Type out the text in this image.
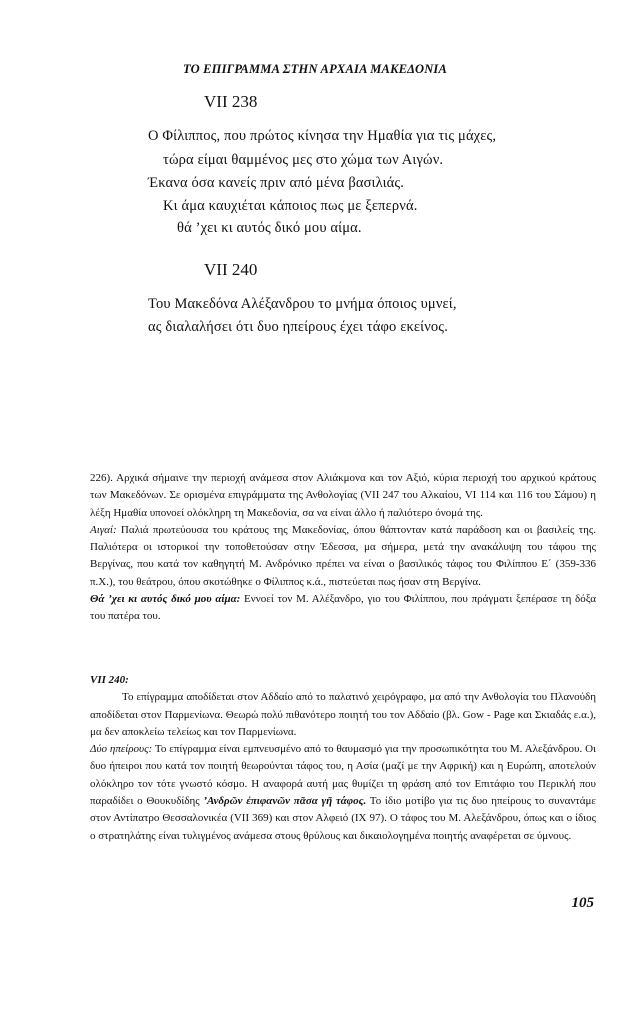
ΤΟ ΕΠΙΓΡΑΜΜΑ ΣΤΗΝ ΑΡΧΑΙΑ ΜΑΚΕΔΟΝΙΑ
VII 238
Ο Φίλιππος, που πρώτος κίνησα την Ημαθία για τις μάχες,
τώρα είμαι θαμμένος μες στο χώμα των Αιγών.
Έκανα όσα κανείς πριν από μένα βασιλιάς.
Κι άμα καυχιέται κάποιος πως με ξεπερνά.
θά ’χει κι αυτός δικό μου αίμα.
VII 240
Του Μακεδόνα Αλέξανδρου το μνήμα όποιος υμνεί,
ας διαλαλήσει ότι δυο ηπείρους έχει τάφο εκείνος.

226). Αρχικά σήμαινε την περιοχή ανάμεσα στον Αλιάκμονα και τον Αξιό, κύρια περιοχή του αρχικού κράτους των Μακεδόνων. Σε ορισμένα επιγράμματα της Ανθολογίας (VII 247 του Αλκαίου, VI 114 και 116 του Σάμου) η λέξη Ημαθία υπονοεί ολόκληρη τη Μακεδονία, σα να είναι άλλο ή παλιότερο όνομά της.

Αιγαί: Παλιά πρωτεύουσα του κράτους της Μακεδονίας, όπου θάπτονταν κατά παράδοση και οι βασιλείς της. Παλιότερα οι ιστορικοί την τοποθετούσαν στην Έδεσσα, μα σήμερα, μετά την ανακάλυψη του τάφου της Βεργίνας, που κατά τον καθηγητή Μ. Ανδρόνικο πρέπει να είναι ο βασιλικός τάφος του Φιλίππου Ε΄ (359-336 π.Χ.), του θεάτρου, όπου σκοτώθηκε ο Φίλιππος κ.ά., πιστεύεται πως ήσαν στη Βεργίνα.

Θά ’χει κι αυτός δικό μου αίμα: Εννοεί τον Μ. Αλέξανδρο, γιο του Φιλίππου, που πράγματι ξεπέρασε τη δόξα του πατέρα του.

VII 240:

Το επίγραμμα αποδίδεται στον Αδδαίο από το παλατινό χειρόγραφο, μα από την Ανθολογία του Πλανούδη αποδίδεται στον Παρμενίωνα. Θεωρώ πολύ πιθανότερο ποιητή του τον Αδδαίο (βλ. Gow - Page και Σκιαδάς ε.α.), μα δεν αποκλείω τελείως και τον Παρμενίωνα.

Δύο ηπείρους: Το επίγραμμα είναι εμπνευσμένο από το θαυμασμό για την προσωπικότητα του Μ. Αλεξάνδρου. Οι δυο ήπειροι που κατά τον ποιητή θεωρούνται τάφος του, η Ασία (μαζί με την Αφρική) και η Ευρώπη, αποτελούν ολόκληρο τον τότε γνωστό κόσμο. Η αναφορά αυτή μας θυμίζει τη φράση από τον Επιτάφιο του Περικλή που παραδίδει ο Θουκυδίδης ’Ανδρῶν ἐπιφανῶν πᾶσα γῆ τάφος. Το ίδιο μοτίβο για τις δυο ηπείρους το συναντάμε στον Αντίπατρο Θεσσαλονικέα (VII 369) και στον Αλφειό (IX 97). Ο τάφος του Μ. Αλεξάνδρου, όπως και ο ίδιος ο στρατηλάτης είναι τυλιγμένος ανάμεσα στους θρύλους και δικαιολογημένα ποιητής αναφέρεται σε ύμνους.

105
